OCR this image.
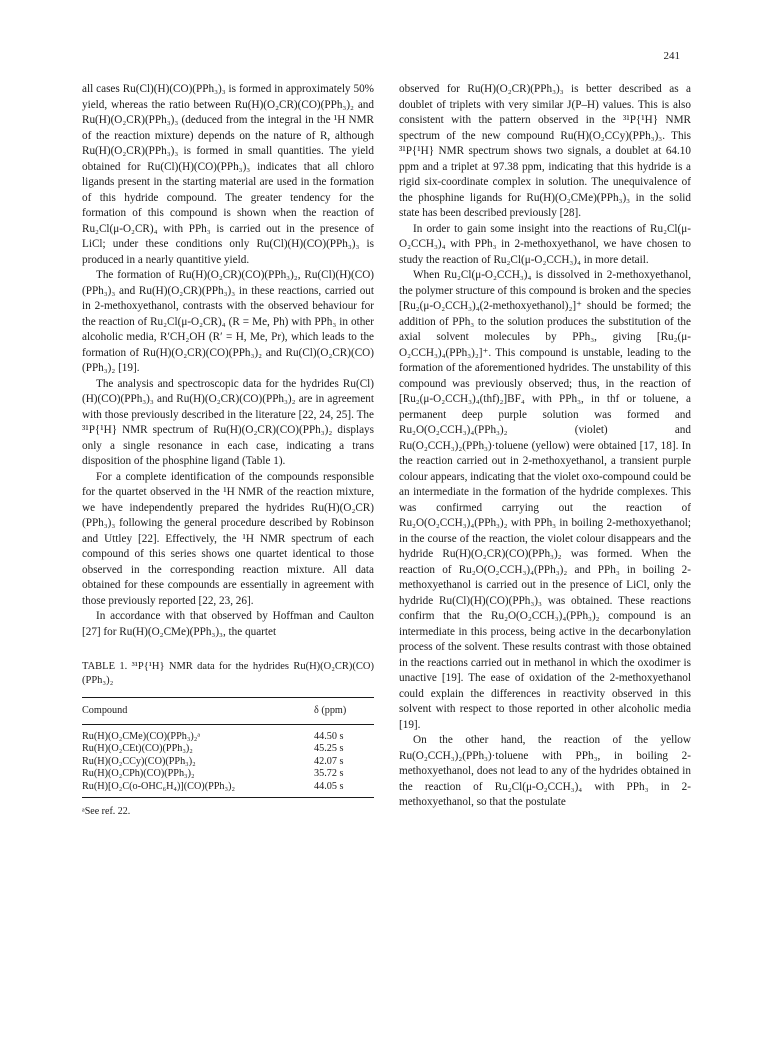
241

all cases Ru(Cl)(H)(CO)(PPh₃)₃ is formed in approximately 50% yield, whereas the ratio between Ru(H)(O₂CR)(CO)(PPh₃)₂ and Ru(H)(O₂CR)(PPh₃)₃ (deduced from the integral in the ¹H NMR of the reaction mixture) depends on the nature of R, although Ru(H)(O₂CR)(PPh₃)₃ is formed in small quantities. The yield obtained for Ru(Cl)(H)(CO)(PPh₃)₃ indicates that all chloro ligands present in the starting material are used in the formation of this hydride compound. The greater tendency for the formation of this compound is shown when the reaction of Ru₂Cl(μ-O₂CR)₄ with PPh₃ is carried out in the presence of LiCl; under these conditions only Ru(Cl)(H)(CO)(PPh₃)₃ is produced in a nearly quantitive yield.

The formation of Ru(H)(O₂CR)(CO)(PPh₃)₂, Ru(Cl)(H)(CO)(PPh₃)₃ and Ru(H)(O₂CR)(PPh₃)₃ in these reactions, carried out in 2-methoxyethanol, contrasts with the observed behaviour for the reaction of Ru₂Cl(μ-O₂CR)₄ (R = Me, Ph) with PPh₃ in other alcoholic media, R′CH₂OH (R′ = H, Me, Pr), which leads to the formation of Ru(H)(O₂CR)(CO)(PPh₃)₂ and Ru(Cl)(O₂CR)(CO)(PPh₃)₂ [19].

The analysis and spectroscopic data for the hydrides Ru(Cl)(H)(CO)(PPh₃)₃ and Ru(H)(O₂CR)(CO)(PPh₃)₂ are in agreement with those previously described in the literature [22, 24, 25]. The ³¹P{¹H} NMR spectrum of Ru(H)(O₂CR)(CO)(PPh₃)₂ displays only a single resonance in each case, indicating a trans disposition of the phosphine ligand (Table 1).

For a complete identification of the compounds responsible for the quartet observed in the ¹H NMR of the reaction mixture, we have independently prepared the hydrides Ru(H)(O₂CR)(PPh₃)₃ following the general procedure described by Robinson and Uttley [22]. Effectively, the ¹H NMR spectrum of each compound of this series shows one quartet identical to those observed in the corresponding reaction mixture. All data obtained for these compounds are essentially in agreement with those previously reported [22, 23, 26].

In accordance with that observed by Hoffman and Caulton [27] for Ru(H)(O₂CMe)(PPh₃)₃, the quartet

TABLE 1. ³¹P{¹H} NMR data for the hydrides Ru(H)(O₂CR)(CO)(PPh₃)₂
Compound	δ (ppm)
Ru(H)(O₂CMe)(CO)(PPh₃)₂ᵃ	44.50 s
Ru(H)(O₂CEt)(CO)(PPh₃)₂	45.25 s
Ru(H)(O₂CCy)(CO)(PPh₃)₂	42.07 s
Ru(H)(O₂CPh)(CO)(PPh₃)₂	35.72 s
Ru(H)[O₂C(o-OHC₆H₄)](CO)(PPh₃)₂	44.05 s
ᵃSee ref. 22.

observed for Ru(H)(O₂CR)(PPh₃)₃ is better described as a doublet of triplets with very similar J(P–H) values. This is also consistent with the pattern observed in the ³¹P{¹H} NMR spectrum of the new compound Ru(H)(O₂CCy)(PPh₃)₃. This ³¹P{¹H} NMR spectrum shows two signals, a doublet at 64.10 ppm and a triplet at 97.38 ppm, indicating that this hydride is a rigid six-coordinate complex in solution. The unequivalence of the phosphine ligands for Ru(H)(O₂CMe)(PPh₃)₃ in the solid state has been described previously [28].

In order to gain some insight into the reactions of Ru₂Cl(μ-O₂CCH₃)₄ with PPh₃ in 2-methoxyethanol, we have chosen to study the reaction of Ru₂Cl(μ-O₂CCH₃)₄ in more detail.

When Ru₂Cl(μ-O₂CCH₃)₄ is dissolved in 2-methoxyethanol, the polymer structure of this compound is broken and the species [Ru₂(μ-O₂CCH₃)₄(2-methoxyethanol)₂]⁺ should be formed; the addition of PPh₃ to the solution produces the substitution of the axial solvent molecules by PPh₃, giving [Ru₂(μ-O₂CCH₃)₄(PPh₃)₂]⁺. This compound is unstable, leading to the formation of the aforementioned hydrides. The unstability of this compound was previously observed; thus, in the reaction of [Ru₂(μ-O₂CCH₃)₄(thf)₂]BF₄ with PPh₃, in thf or toluene, a permanent deep purple solution was formed and Ru₂O(O₂CCH₃)₄(PPh₃)₂ (violet) and Ru(O₂CCH₃)₂(PPh₃)·toluene (yellow) were obtained [17, 18]. In the reaction carried out in 2-methoxyethanol, a transient purple colour appears, indicating that the violet oxo-compound could be an intermediate in the formation of the hydride complexes. This was confirmed carrying out the reaction of Ru₂O(O₂CCH₃)₄(PPh₃)₂ with PPh₃ in boiling 2-methoxyethanol; in the course of the reaction, the violet colour disappears and the hydride Ru(H)(O₂CR)(CO)(PPh₃)₂ was formed. When the reaction of Ru₂O(O₂CCH₃)₄(PPh₃)₂ and PPh₃ in boiling 2-methoxyethanol is carried out in the presence of LiCl, only the hydride Ru(Cl)(H)(CO)(PPh₃)₃ was obtained. These reactions confirm that the Ru₂O(O₂CCH₃)₄(PPh₃)₂ compound is an intermediate in this process, being active in the decarbonylation process of the solvent. These results contrast with those obtained in the reactions carried out in methanol in which the oxodimer is unactive [19]. The ease of oxidation of the 2-methoxyethanol could explain the differences in reactivity observed in this solvent with respect to those reported in other alcoholic media [19].

On the other hand, the reaction of the yellow Ru(O₂CCH₃)₂(PPh₃)·toluene with PPh₃, in boiling 2-methoxyethanol, does not lead to any of the hydrides obtained in the reaction of Ru₂Cl(μ-O₂CCH₃)₄ with PPh₃ in 2-methoxyethanol, so that the postulate
